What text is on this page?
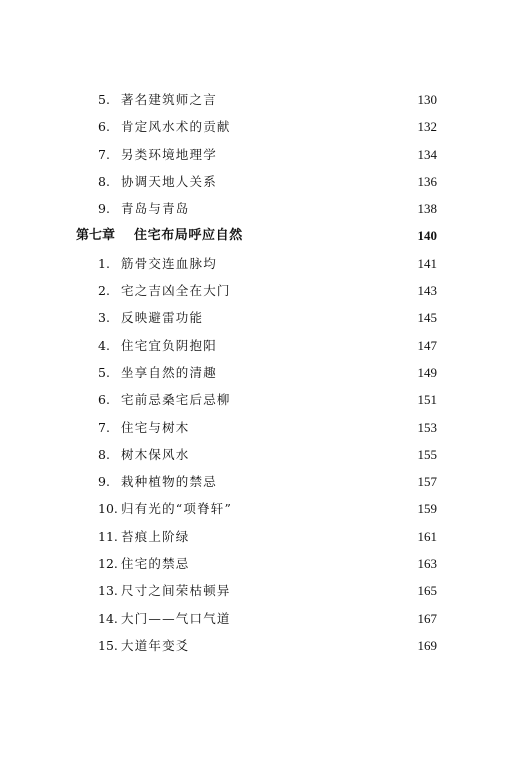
5. 著名建筑师之言	130
6. 肯定风水术的贡献	132
7. 另类环境地理学	134
8. 协调天地人关系	136
9. 青岛与青岛	138
第七章 住宅布局呼应自然	140
1. 筋骨交连血脉均	141
2. 宅之吉凶全在大门	143
3. 反映避雷功能	145
4. 住宅宜负阴抱阳	147
5. 坐享自然的清趣	149
6. 宅前忌桑宅后忌柳	151
7. 住宅与树木	153
8. 树木保风水	155
9. 栽种植物的禁忌	157
10. 归有光的“项脊轩”	159
11. 苔痕上阶绿	161
12. 住宅的禁忌	163
13. 尺寸之间荣枯顿异	165
14. 大门——气口气道	167
15. 大道年变爻	169
